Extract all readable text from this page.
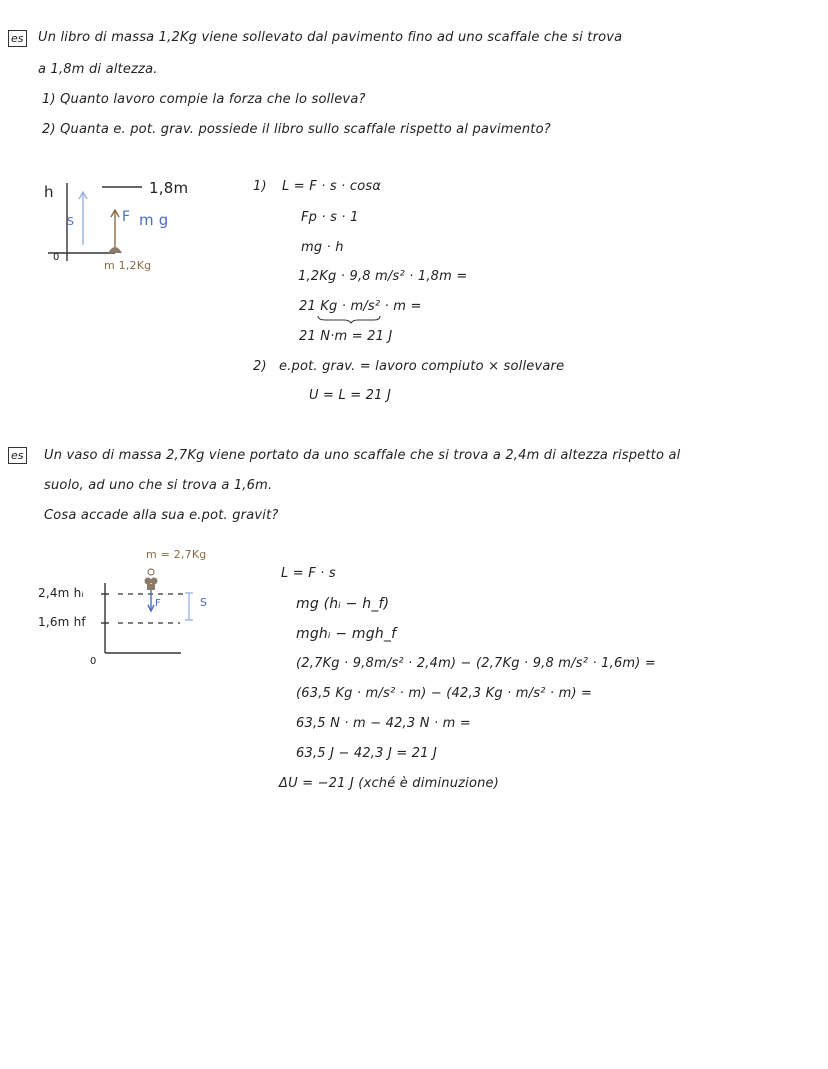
es Un libro di massa 1,2Kg viene sollevato dal pavimento fino ad uno scaffale che si trova
a 1,8m di altezza.
1) Quanto lavoro compie la forza che lo solleva?
2) Quanta e. pot. grav. possiede il libro sullo scaffale rispetto al pavimento?
h
0
1,8m
S	F m g
m 1,2Kg
1) L = F · s · cosα
Fp · s · 1
mg · h
1,2Kg · 9,8 m/s² · 1,8m =
21 Kg · m/s² · m =
21 N·m = 21 J
2) e.pot. grav. = lavoro compiuto × sollevare
U = L = 21 J
es Un vaso di massa 2,7Kg viene portato da uno scaffale che si trova a 2,4m di altezza rispetto al
suolo, ad uno che si trova a 1,6m.
Cosa accade alla sua e.pot. gravit?
m = 2,7Kg
2,4m hᵢ
1,6m hf
0
F	S
L = F · s
mg (hᵢ − h_f)
mghᵢ − mgh_f
(2,7Kg · 9,8m/s² · 2,4m) − (2,7Kg · 9,8 m/s² · 1,6m) =
(63,5 Kg · m/s² · m) − (42,3 Kg · m/s² · m) =
63,5 N · m − 42,3 N · m =
63,5 J − 42,3 J = 21 J
ΔU = −21 J (xché è diminuzione)
